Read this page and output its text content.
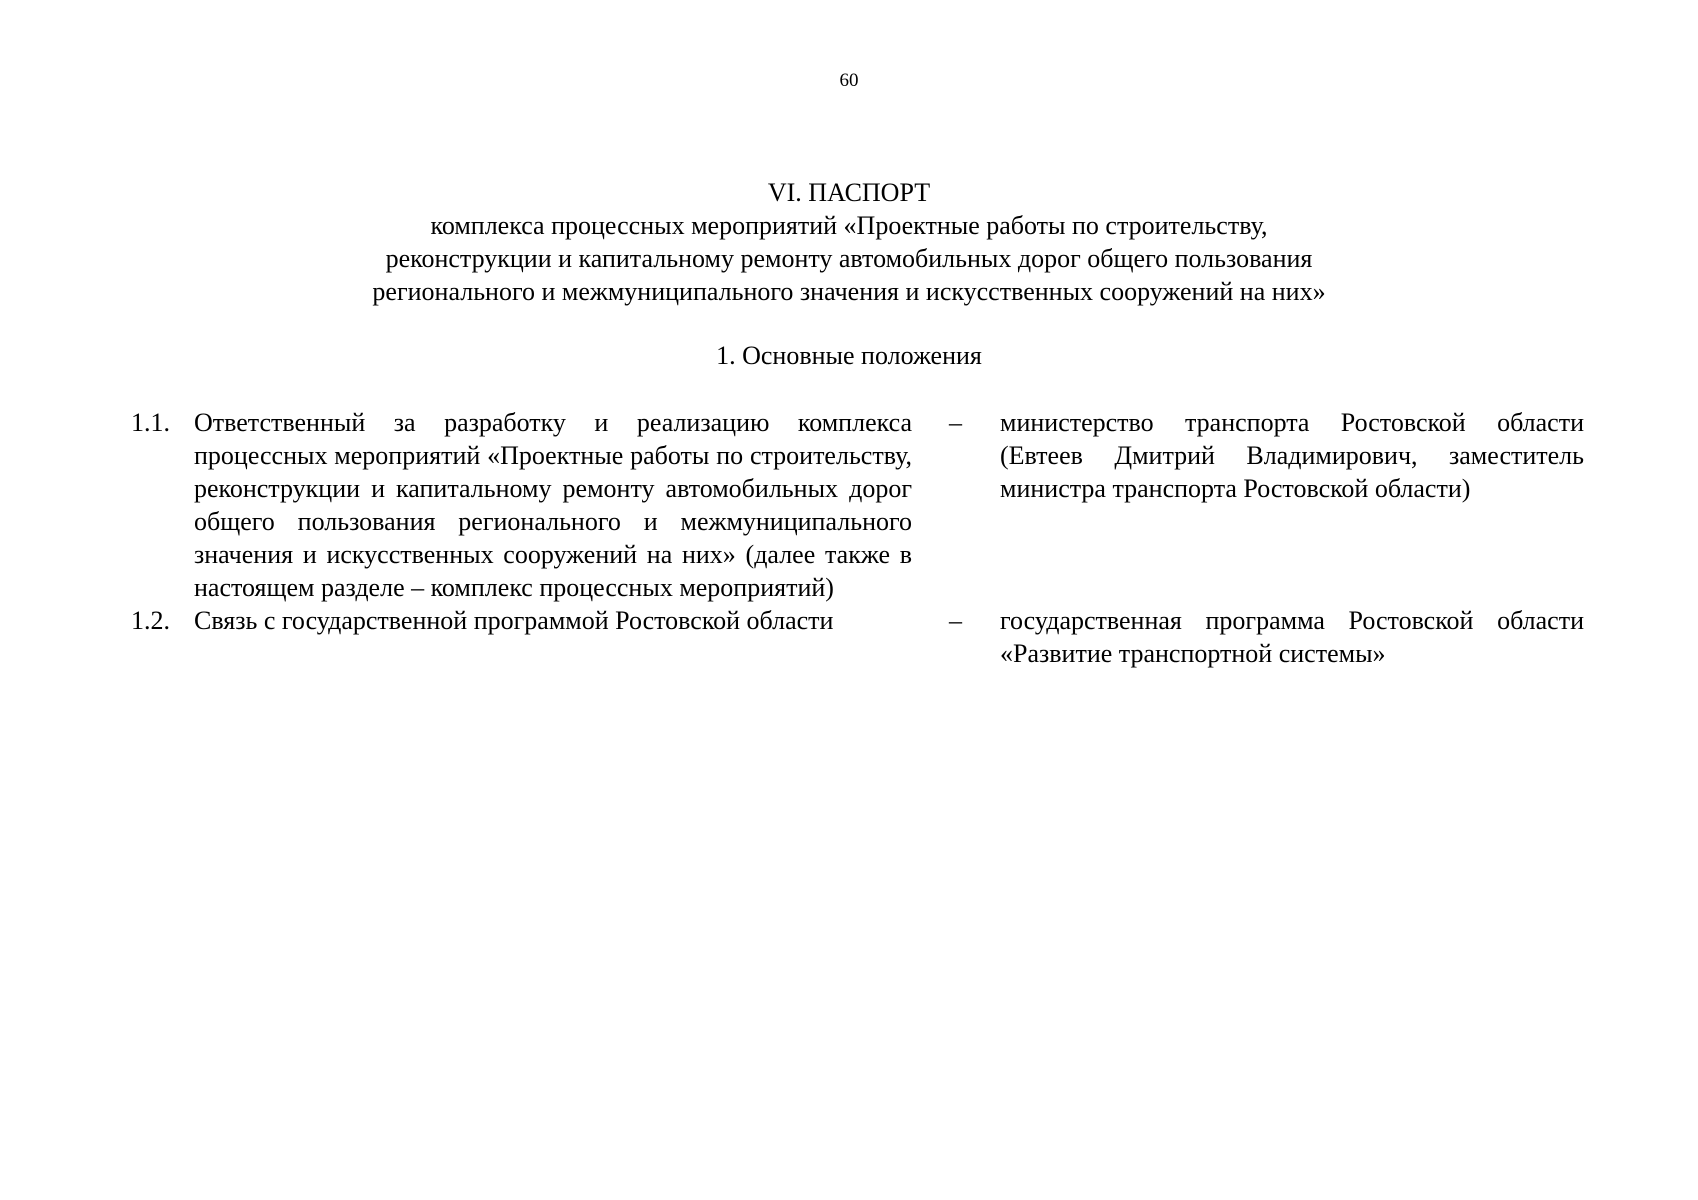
60
VI. ПАСПОРТ
комплекса процессных мероприятий «Проектные работы по строительству,
реконструкции и капитальному ремонту автомобильных дорог общего пользования
регионального и межмуниципального значения и искусственных сооружений на них»
1. Основные положения
1.1. Ответственный за разработку и реализацию комплекса процессных мероприятий «Проектные работы по строительству, реконструкции и капитальному ремонту автомобильных дорог общего пользования регионального и межмуниципального значения и искусственных сооружений на них» (далее также в настоящем разделе – комплекс процессных мероприятий)
– министерство транспорта Ростовской области (Евтеев Дмитрий Владимирович, заместитель министра транспорта Ростовской области)
1.2. Связь с государственной программой Ростовской области	– государственная программа Ростовской области «Развитие транспортной системы»
